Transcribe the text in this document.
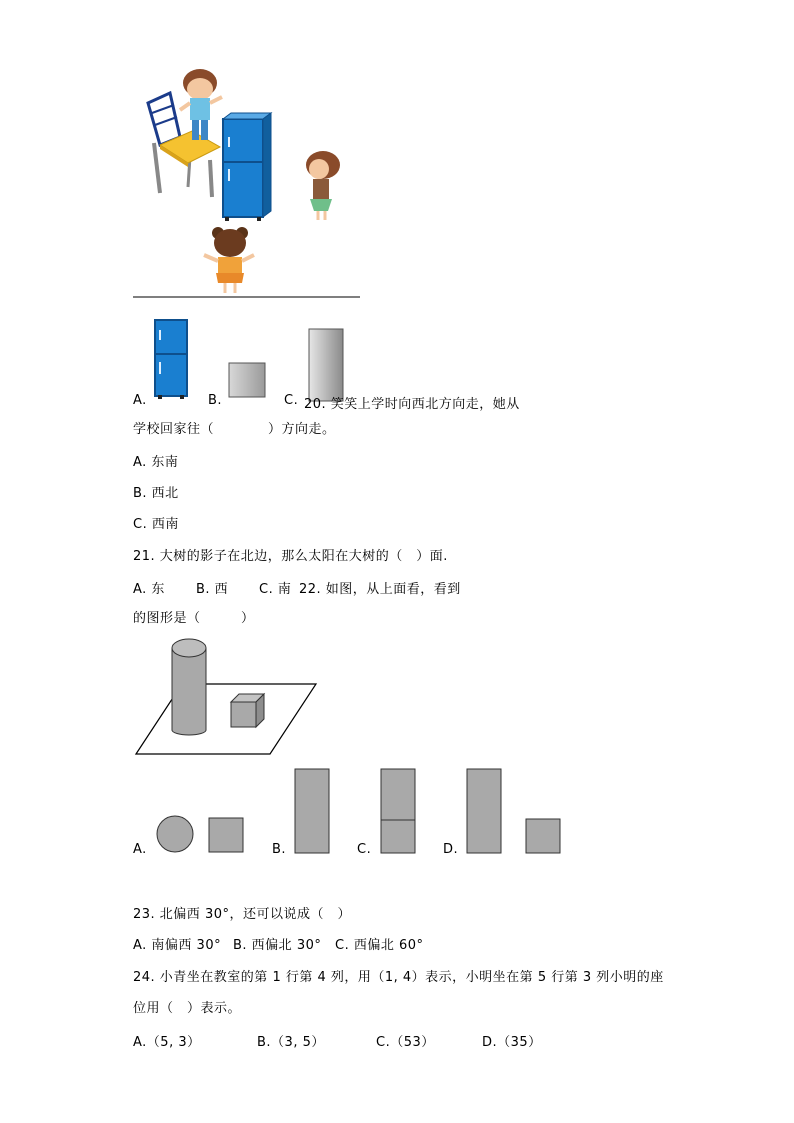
A.	B.	C. 20. 笑笑上学时向西北方向走，她从
学校回家往（　　　　）方向走。
A. 东南
B. 西北
C. 西南
21. 大树的影子在北边，那么太阳在大树的（　）面.
A. 东 B. 西 C. 南 22. 如图，从上面看，看到
的图形是（　　　）
A.	B.	C.	D.
23. 北偏西 30°，还可以说成（　）
A. 南偏西 30° B. 西偏北 30° C. 西偏北 60°
24. 小青坐在教室的第 1 行第 4 列，用（1, 4）表示，小明坐在第 5 行第 3 列小明的座
位用（　）表示。
A.（5, 3）	B.（3, 5）	C.（53）	D.（35）
